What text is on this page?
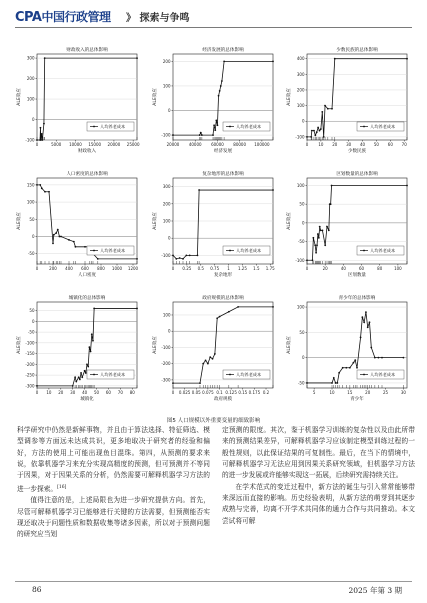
CPA中国行政管理 》 探索与争鸣
财政收入的总体影响
-100
0
100
200
300
0	5000 10000 15000 20000 25000
财政收入
ALE效应
人均养老成本
经济发展的总体影响
-100
0
100
200
20000 40000 60000 80000 100000
经济发展
ALE效应
人均养老成本
少数民族的总体影响
-100
0
100
200
300
400
0	10 20 30 40 50 60 70
少数民族
ALE效应
人均养老成本
人口密度的总体影响
-50
0
50
100
150
0	200 400 600 800 1000 1200
人口密度
ALE效应
人均养老成本
复杂地形的总体影响
-100
0
100
200
300
0 0.25 0.5 0.75 1 1.25 1.5 1.75
复杂地形
ALE效应
人均养老成本
区划数量的总体影响
-100
-50
0
50
100
0	20	40	60	80	100
区划数量
ALE效应
人均养老成本
城镇化的总体影响
-300
-250
-200
-150
-100
-50
0
50
0 10 20 30 40 50 60 70 80
城镇化
ALE效应
人均养老成本
政府规模的总体影响
-300
-200
-100
0
100
0 0.025 0.05 0.075 0.1 0.125 0.15 0.175 0.2
政府规模
ALE效应
人均养老成本
青少年的总体影响
-50
0
50
100
5	10	15	20	25	30
青少年
ALE效应
人均养老成本
图5 人口规模以外重要变量的细致影响

科学研究中仍然是新鲜事物，并且由于算法选择、特征筛选、模型调参等方面远未达成共识，更多地取决于研究者的经验和偏好，方法的使用上可能出现鱼目混珠。第四，从预测的要求来说，依靠机器学习来充分实现高精度的预测，但可预测并不等同于因果，对于因果关系的分析，仍然需要可解释机器学习方法的进一步探索。[16]

值得注意的是，上述局限也为进一步研究提供方向。首先，尽管可解释机器学习已能够进行关键的方法需要，但预测能否实现还取决于问题性质和数据收集等诸多因素，所以对于预测问题的研究应当划

定预测的限度。其次，鉴于机器学习训练的复杂性以及由此所带来的预测结果差异，可解释机器学习应该制定模型训练过程的一般性规则，以此保证结果的可复制性。最后，在当下的情境中，可解释机器学习无法应用到因果关系研究领域，但机器学习方法的进一步发展或许能够实现这一拓展，后续研究需持续关注。

在学术范式的变迁过程中，新方法的诞生与引入常常能够带来深远而直接的影响。历史经验表明，从新方法的萌芽到其逐步成熟与完善，均离不开学术共同体的通力合作与共同推动。本文尝试将可解

86	2025 年第 3 期
